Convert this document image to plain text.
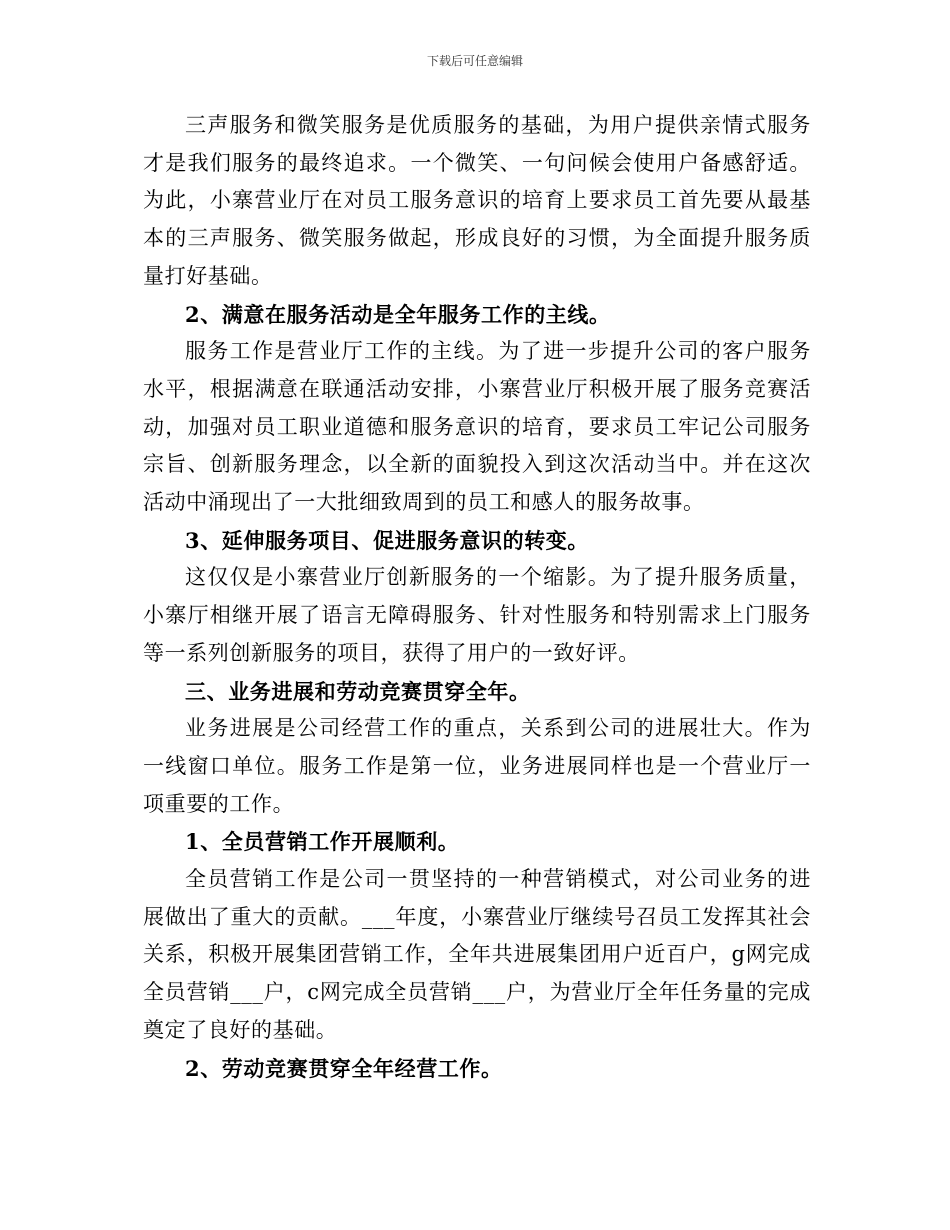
下载后可任意编辑

三声服务和微笑服务是优质服务的基础，为用户提供亲情式服务才是我们服务的最终追求。一个微笑、一句问候会使用户备感舒适。为此，小寨营业厅在对员工服务意识的培育上要求员工首先要从最基本的三声服务、微笑服务做起，形成良好的习惯，为全面提升服务质量打好基础。

2、满意在服务活动是全年服务工作的主线。

服务工作是营业厅工作的主线。为了进一步提升公司的客户服务水平，根据满意在联通活动安排，小寨营业厅积极开展了服务竞赛活动，加强对员工职业道德和服务意识的培育，要求员工牢记公司服务宗旨、创新服务理念，以全新的面貌投入到这次活动当中。并在这次活动中涌现出了一大批细致周到的员工和感人的服务故事。

3、延伸服务项目、促进服务意识的转变。

这仅仅是小寨营业厅创新服务的一个缩影。为了提升服务质量，小寨厅相继开展了语言无障碍服务、针对性服务和特别需求上门服务等一系列创新服务的项目，获得了用户的一致好评。

三、业务进展和劳动竞赛贯穿全年。

业务进展是公司经营工作的重点，关系到公司的进展壮大。作为一线窗口单位。服务工作是第一位，业务进展同样也是一个营业厅一项重要的工作。

1、全员营销工作开展顺利。

全员营销工作是公司一贯坚持的一种营销模式，对公司业务的进展做出了重大的贡献。___年度，小寨营业厅继续号召员工发挥其社会关系，积极开展集团营销工作，全年共进展集团用户近百户，g网完成全员营销___户，c网完成全员营销___户，为营业厅全年任务量的完成奠定了良好的基础。

2、劳动竞赛贯穿全年经营工作。
